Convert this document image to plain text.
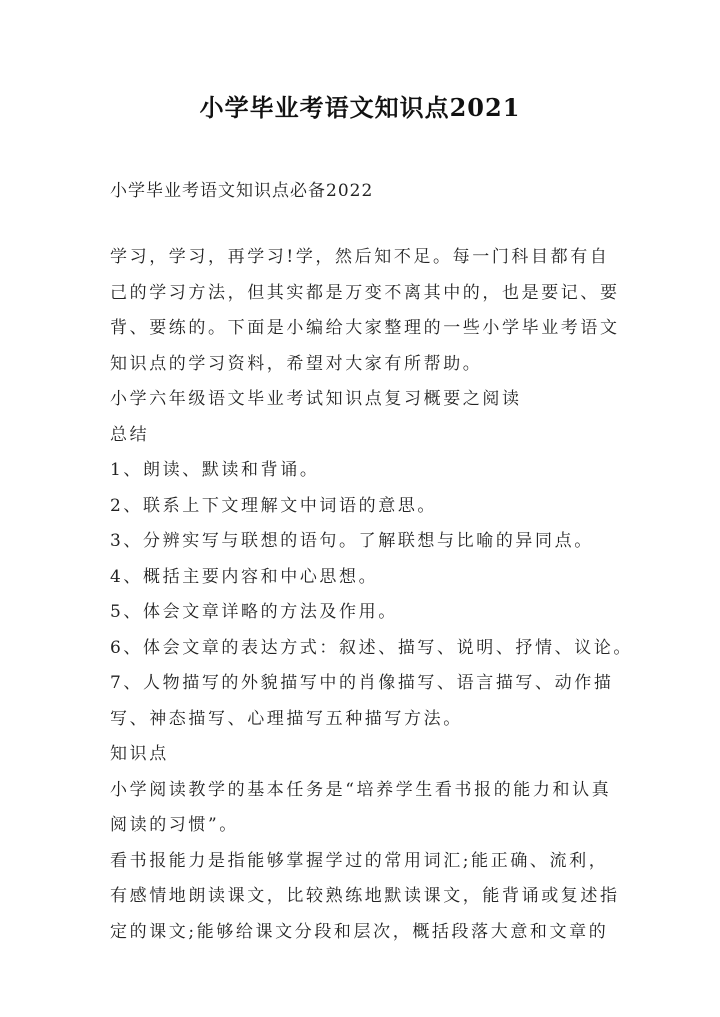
小学毕业考语文知识点2021
小学毕业考语文知识点必备2022
学习，学习，再学习!学，然后知不足。每一门科目都有自
己的学习方法，但其实都是万变不离其中的，也是要记、要
背、要练的。下面是小编给大家整理的一些小学毕业考语文
知识点的学习资料，希望对大家有所帮助。
小学六年级语文毕业考试知识点复习概要之阅读
总结
1、朗读、默读和背诵。
2、联系上下文理解文中词语的意思。
3、分辨实写与联想的语句。了解联想与比喻的异同点。
4、概括主要内容和中心思想。
5、体会文章详略的方法及作用。
6、体会文章的表达方式：叙述、描写、说明、抒情、议论。
7、人物描写的外貌描写中的肖像描写、语言描写、动作描
写、神态描写、心理描写五种描写方法。
知识点
小学阅读教学的基本任务是“培养学生看书报的能力和认真
阅读的习惯”。
看书报能力是指能够掌握学过的常用词汇;能正确、流利，
有感情地朗读课文，比较熟练地默读课文，能背诵或复述指
定的课文;能够给课文分段和层次，概括段落大意和文章的
